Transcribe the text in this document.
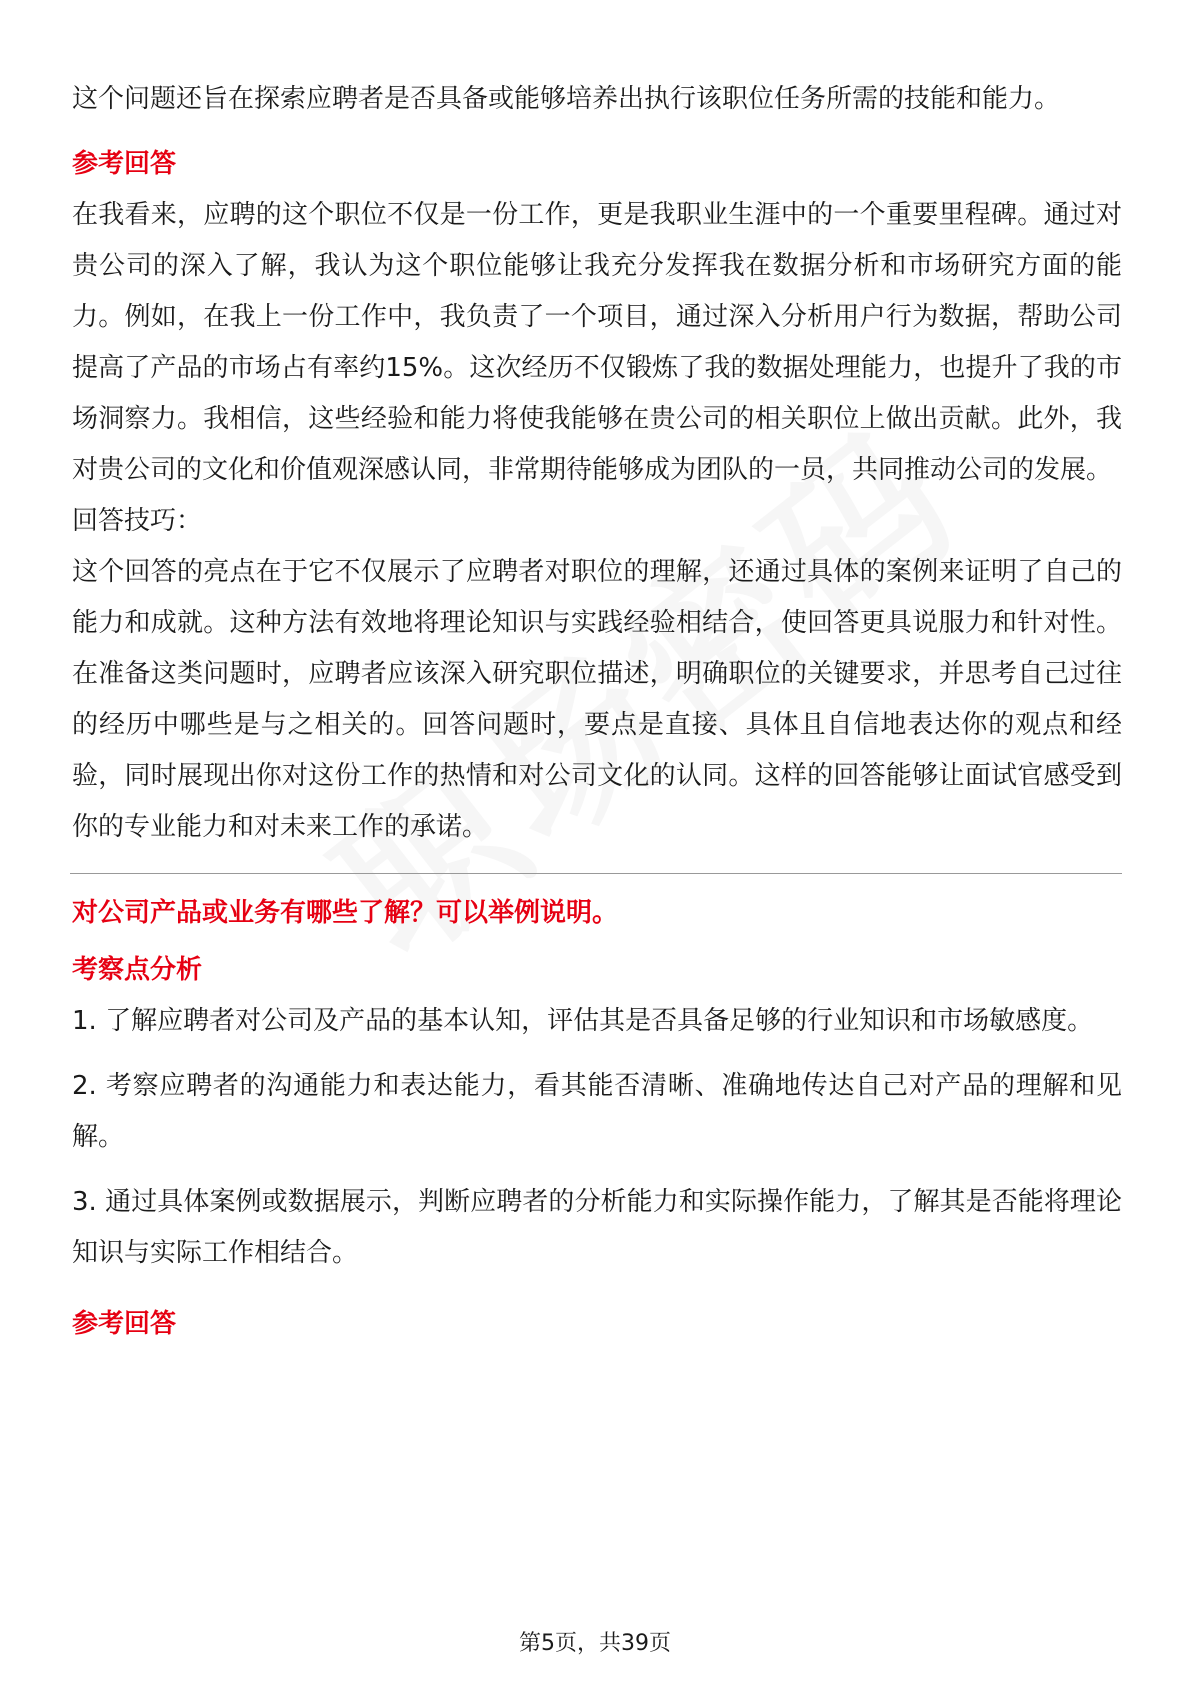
这个问题还旨在探索应聘者是否具备或能够培养出执行该职位任务所需的技能和能力。

参考回答

在我看来，应聘的这个职位不仅是一份工作，更是我职业生涯中的一个重要里程碑。通过对贵公司的深入了解，我认为这个职位能够让我充分发挥我在数据分析和市场研究方面的能力。例如，在我上一份工作中，我负责了一个项目，通过深入分析用户行为数据，帮助公司提高了产品的市场占有率约15%。这次经历不仅锻炼了我的数据处理能力，也提升了我的市场洞察力。我相信，这些经验和能力将使我能够在贵公司的相关职位上做出贡献。此外，我对贵公司的文化和价值观深感认同，非常期待能够成为团队的一员，共同推动公司的发展。

回答技巧：

这个回答的亮点在于它不仅展示了应聘者对职位的理解，还通过具体的案例来证明了自己的能力和成就。这种方法有效地将理论知识与实践经验相结合，使回答更具说服力和针对性。在准备这类问题时，应聘者应该深入研究职位描述，明确职位的关键要求，并思考自己过往的经历中哪些是与之相关的。回答问题时，要点是直接、具体且自信地表达你的观点和经验，同时展现出你对这份工作的热情和对公司文化的认同。这样的回答能够让面试官感受到你的专业能力和对未来工作的承诺。

对公司产品或业务有哪些了解？可以举例说明。

考察点分析

1. 了解应聘者对公司及产品的基本认知，评估其是否具备足够的行业知识和市场敏感度。

2. 考察应聘者的沟通能力和表达能力，看其能否清晰、准确地传达自己对产品的理解和见解。

3. 通过具体案例或数据展示，判断应聘者的分析能力和实际操作能力，了解其是否能将理论知识与实际工作相结合。

参考回答

第5页，共39页
